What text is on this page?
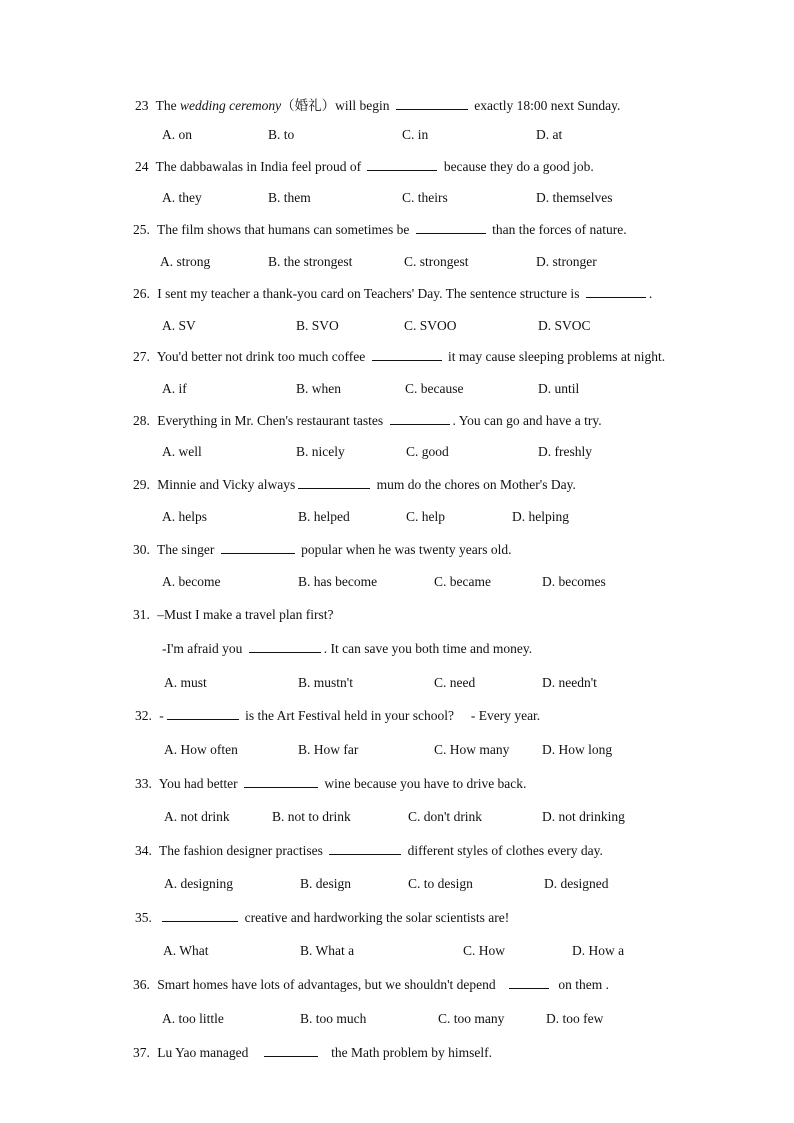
23 The wedding ceremony（婚礼）will begin	exactly 18:00 next Sunday.
A. on	B. to	C. in	D. at
24 The dabbawalas in India feel proud of	because they do a good job.
A. they	B. them	C. theirs	D. themselves
25. The film shows that humans can sometimes be	than the forces of nature.
A. strong	B. the strongest	C. strongest	D. stronger
26. I sent my teacher a thank-you card on Teachers' Day. The sentence structure is	.
A. SV	B. SVO	C. SVOO	D. SVOC
27. You'd better not drink too much coffee	it may cause sleeping problems at night.
A. if	B. when	C. because	D. until
28. Everything in Mr. Chen's restaurant tastes	. You can go and have a try.
A. well	B. nicely	C. good	D. freshly
29. Minnie and Vicky always	mum do the chores on Mother's Day.
A. helps	B. helped	C. help	D. helping
30. The singer	popular when he was twenty years old.
A. become	B. has become	C. became	D. becomes
31. –Must I make a travel plan first?
-I'm afraid you	. It can save you both time and money.
A. must	B. mustn't	C. need	D. needn't
32. -	is the Art Festival held in your school?     - Every year.
A. How often	B. How far	C. How many D. How long
33. You had better	wine because you have to drive back.
A. not drink	B. not to drink	C. don't drink	D. not drinking
34. The fashion designer practises	different styles of clothes every day.
A. designing	B. design	C. to design	D. designed
35.	creative and hardworking the solar scientists are!
A. What	B. What a	C. How	D. How a
36. Smart homes have lots of advantages, but we shouldn't depend	on them .
A. too little	B. too much	C. too many	D. too few
37. Lu Yao managed	the Math problem by himself.
